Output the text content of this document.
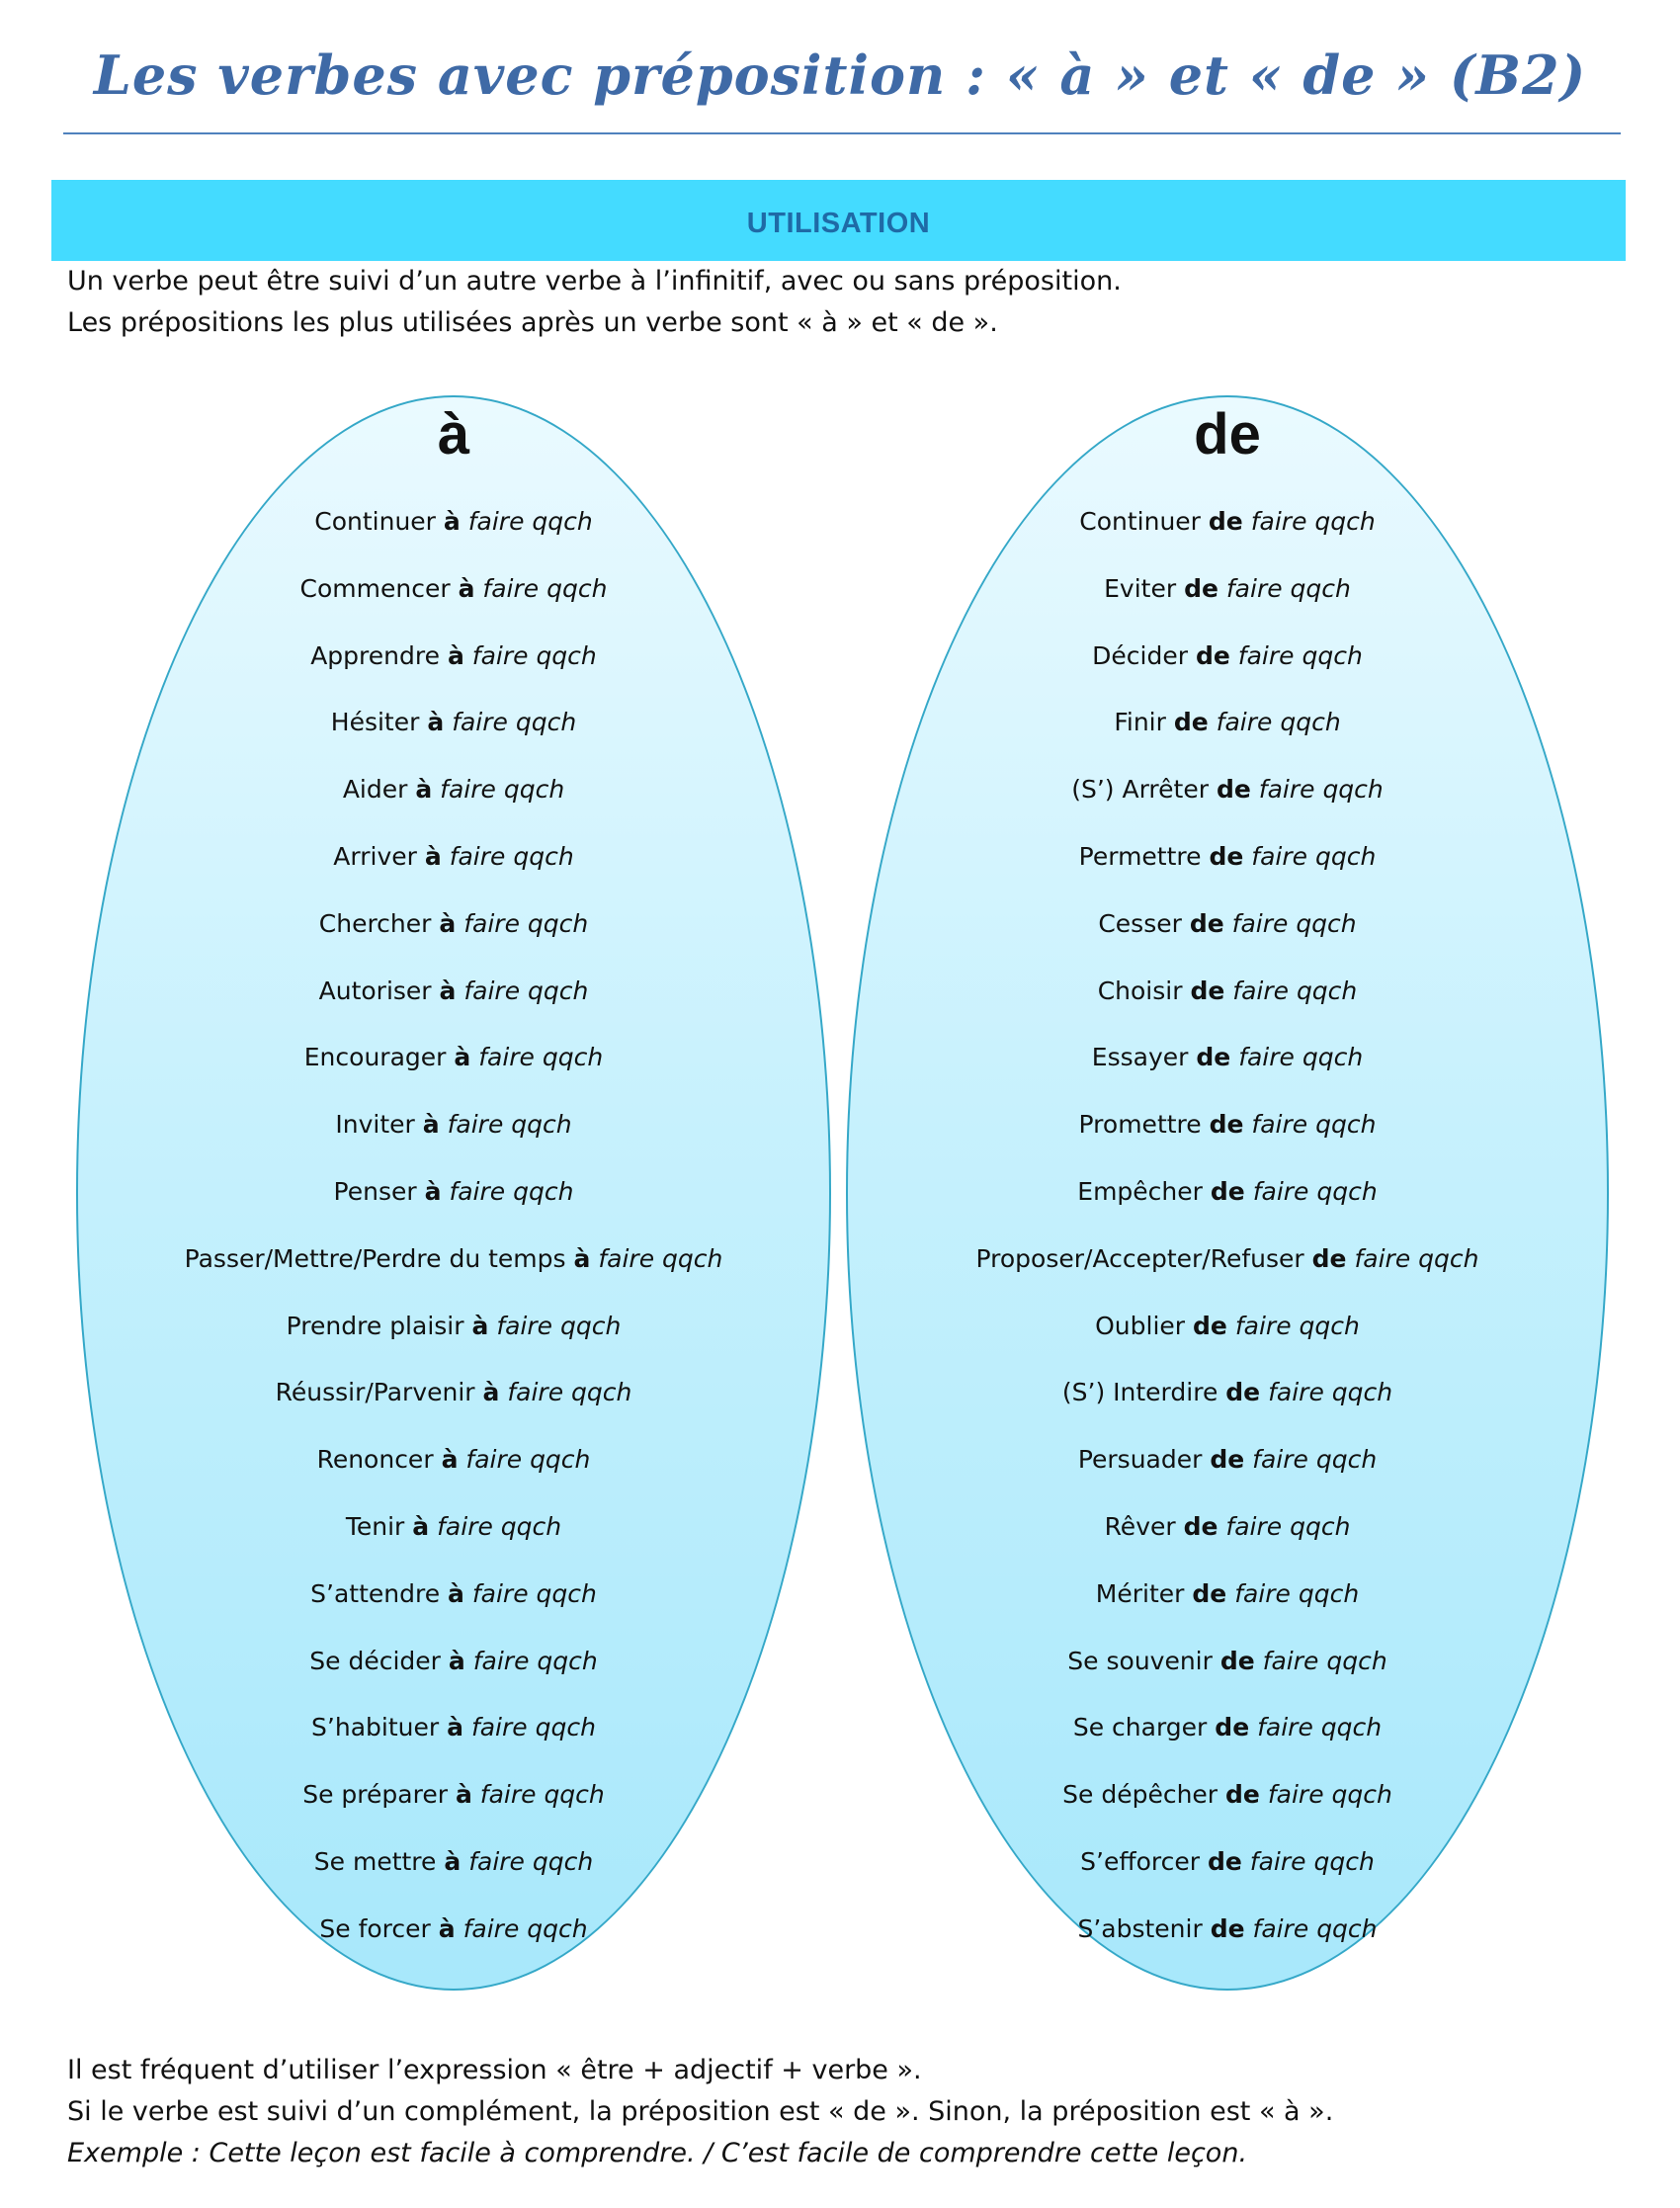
Les verbes avec préposition : « à » et « de » (B2)
UTILISATION
Un verbe peut être suivi d’un autre verbe à l’infinitif, avec ou sans préposition.
Les prépositions les plus utilisées après un verbe sont « à » et « de ».
à	de
Continuer à faire qqch
Commencer à faire qqch
Apprendre à faire qqch
Hésiter à faire qqch
Aider à faire qqch
Arriver à faire qqch
Chercher à faire qqch
Autoriser à faire qqch
Encourager à faire qqch
Inviter à faire qqch
Penser à faire qqch
Passer/Mettre/Perdre du temps à faire qqch
Prendre plaisir à faire qqch
Réussir/Parvenir à faire qqch
Renoncer à faire qqch
Tenir à faire qqch
S’attendre à faire qqch
Se décider à faire qqch
S’habituer à faire qqch
Se préparer à faire qqch
Se mettre à faire qqch
Se forcer à faire qqch
Continuer de faire qqch
Eviter de faire qqch
Décider de faire qqch
Finir de faire qqch
(S’) Arrêter de faire qqch
Permettre de faire qqch
Cesser de faire qqch
Choisir de faire qqch
Essayer de faire qqch
Promettre de faire qqch
Empêcher de faire qqch
Proposer/Accepter/Refuser de faire qqch
Oublier de faire qqch
(S’) Interdire de faire qqch
Persuader de faire qqch
Rêver de faire qqch
Mériter de faire qqch
Se souvenir de faire qqch
Se charger de faire qqch
Se dépêcher de faire qqch
S’efforcer de faire qqch
S’abstenir de faire qqch
Il est fréquent d’utiliser l’expression « être + adjectif + verbe ».
Si le verbe est suivi d’un complément, la préposition est « de ». Sinon, la préposition est « à ».
Exemple : Cette leçon est facile à comprendre. / C’est facile de comprendre cette leçon.
